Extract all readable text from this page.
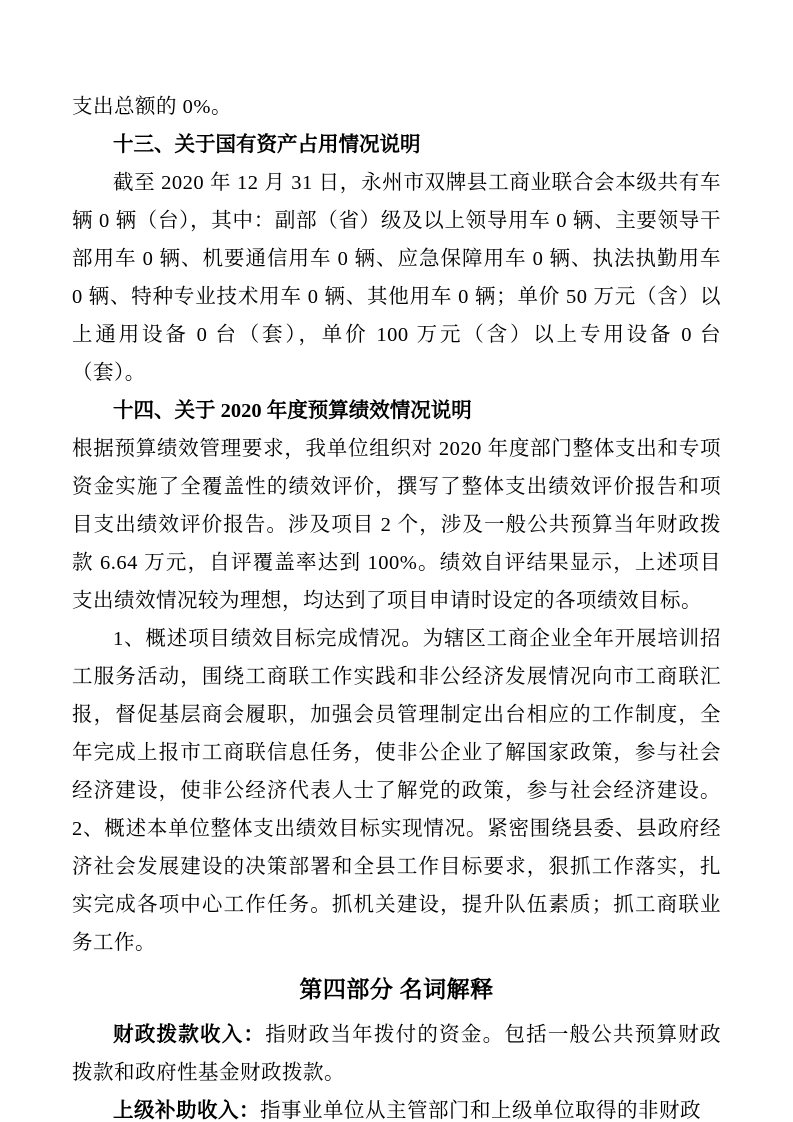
支出总额的 0%。

十三、关于国有资产占用情况说明

截至 2020 年 12 月 31 日，永州市双牌县工商业联合会本级共有车辆 0 辆（台），其中：副部（省）级及以上领导用车 0 辆、主要领导干部用车 0 辆、机要通信用车 0 辆、应急保障用车 0 辆、执法执勤用车 0 辆、特种专业技术用车 0 辆、其他用车 0 辆；单价 50 万元（含）以上通用设备 0 台（套），单价 100 万元（含）以上专用设备 0 台（套）。

十四、关于 2020 年度预算绩效情况说明

根据预算绩效管理要求，我单位组织对 2020 年度部门整体支出和专项资金实施了全覆盖性的绩效评价，撰写了整体支出绩效评价报告和项目支出绩效评价报告。涉及项目 2 个，涉及一般公共预算当年财政拨款 6.64 万元，自评覆盖率达到 100%。绩效自评结果显示，上述项目支出绩效情况较为理想，均达到了项目申请时设定的各项绩效目标。

1、概述项目绩效目标完成情况。为辖区工商企业全年开展培训招工服务活动，围绕工商联工作实践和非公经济发展情况向市工商联汇报，督促基层商会履职，加强会员管理制定出台相应的工作制度，全年完成上报市工商联信息任务，使非公企业了解国家政策，参与社会经济建设，使非公经济代表人士了解党的政策，参与社会经济建设。2、概述本单位整体支出绩效目标实现情况。紧密围绕县委、县政府经济社会发展建设的决策部署和全县工作目标要求，狠抓工作落实，扎实完成各项中心工作任务。抓机关建设，提升队伍素质；抓工商联业务工作。

第四部分 名词解释

财政拨款收入：指财政当年拨付的资金。包括一般公共预算财政拨款和政府性基金财政拨款。

上级补助收入：指事业单位从主管部门和上级单位取得的非财政
